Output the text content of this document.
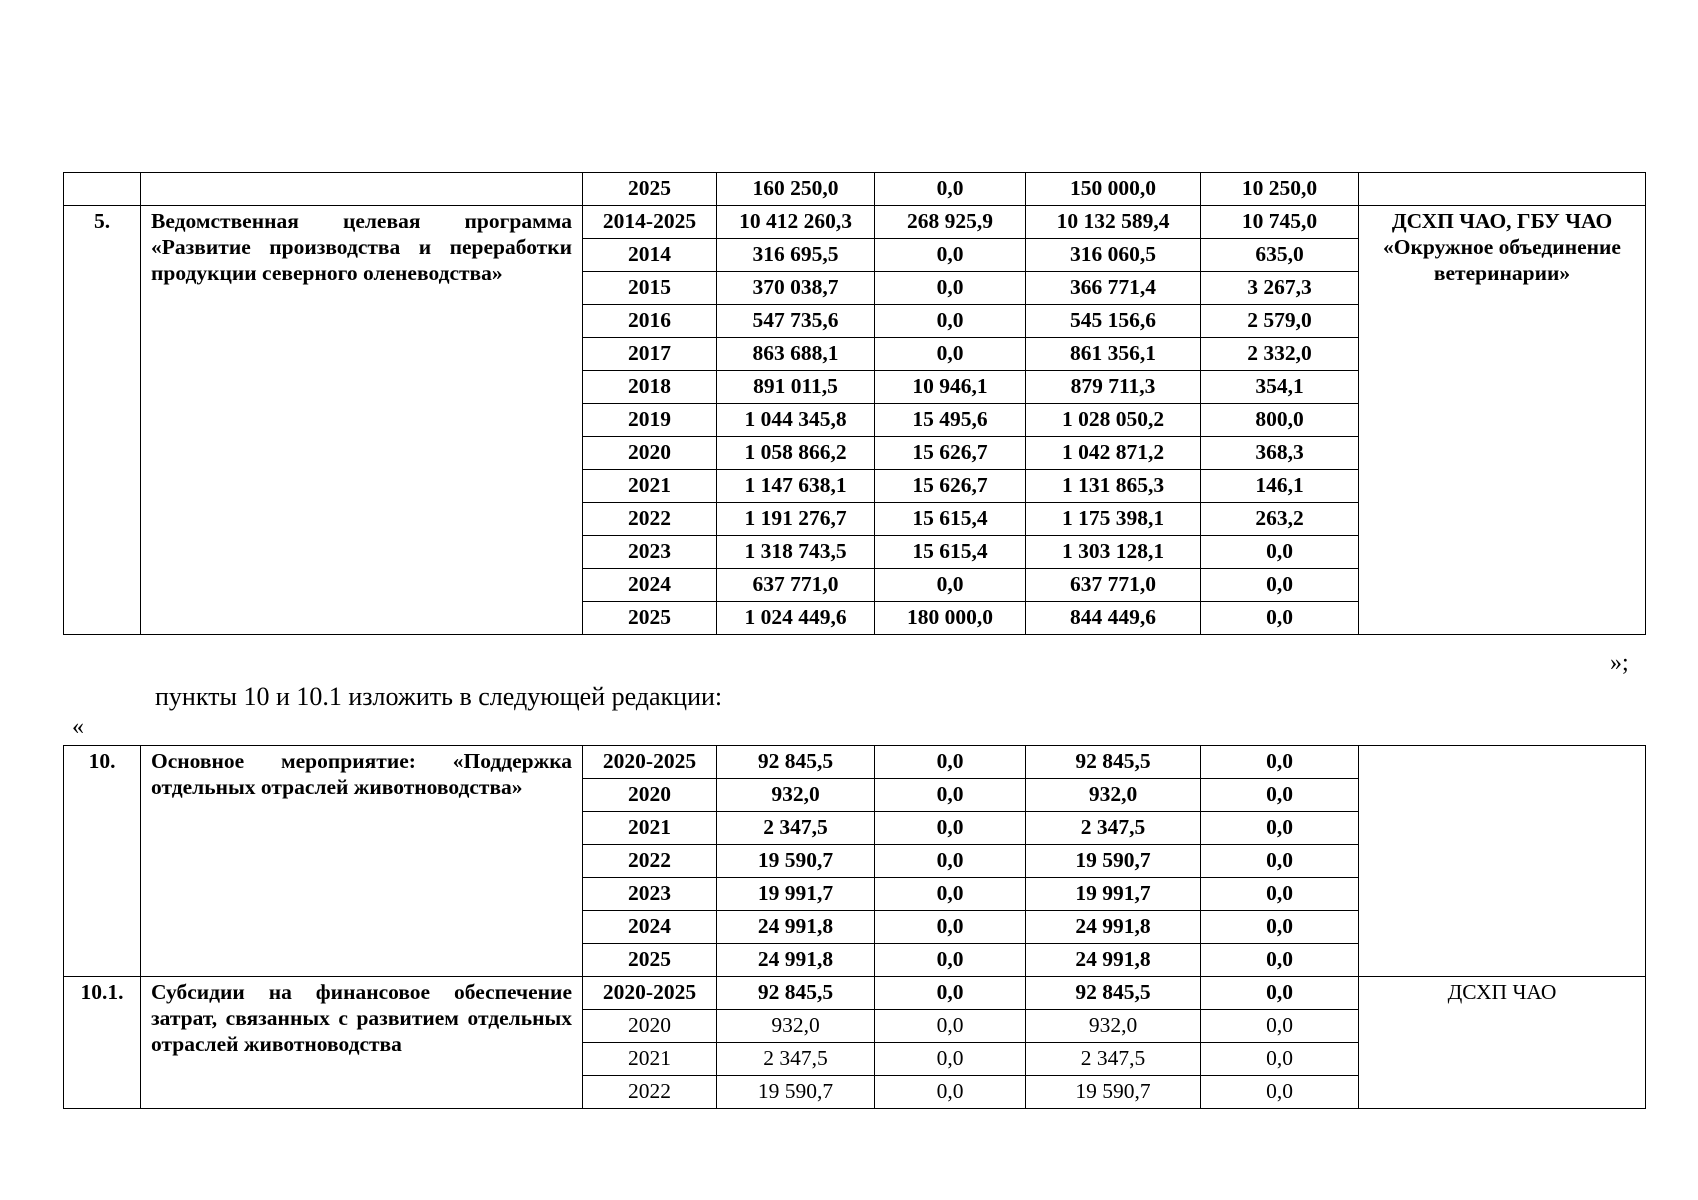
		2025	160 250,0	0,0	150 000,0	10 250,0	
5.	Ведомственная целевая программа «Развитие производства и переработки продукции северного оленеводства»	2014-2025	10 412 260,3	268 925,9	10 132 589,4	10 745,0	ДСХП ЧАО, ГБУ ЧАО «Окружное объединение ветеринарии»
		2014	316 695,5	0,0	316 060,5	635,0	
		2015	370 038,7	0,0	366 771,4	3 267,3	
		2016	547 735,6	0,0	545 156,6	2 579,0	
		2017	863 688,1	0,0	861 356,1	2 332,0	
		2018	891 011,5	10 946,1	879 711,3	354,1	
		2019	1 044 345,8	15 495,6	1 028 050,2	800,0	
		2020	1 058 866,2	15 626,7	1 042 871,2	368,3	
		2021	1 147 638,1	15 626,7	1 131 865,3	146,1	
		2022	1 191 276,7	15 615,4	1 175 398,1	263,2	
		2023	1 318 743,5	15 615,4	1 303 128,1	0,0	
		2024	637 771,0	0,0	637 771,0	0,0	
		2025	1 024 449,6	180 000,0	844 449,6	0,0	
»;
пункты 10 и 10.1 изложить в следующей редакции:
«
10.	Основное мероприятие: «Поддержка отдельных отраслей животноводства»	2020-2025	92 845,5	0,0	92 845,5	0,0	
		2020	932,0	0,0	932,0	0,0	
		2021	2 347,5	0,0	2 347,5	0,0	
		2022	19 590,7	0,0	19 590,7	0,0	
		2023	19 991,7	0,0	19 991,7	0,0	
		2024	24 991,8	0,0	24 991,8	0,0	
		2025	24 991,8	0,0	24 991,8	0,0	
10.1.	Субсидии на финансовое обеспечение затрат, связанных с развитием отдельных отраслей животноводства	2020-2025	92 845,5	0,0	92 845,5	0,0	ДСХП ЧАО
		2020	932,0	0,0	932,0	0,0	
		2021	2 347,5	0,0	2 347,5	0,0	
		2022	19 590,7	0,0	19 590,7	0,0	
